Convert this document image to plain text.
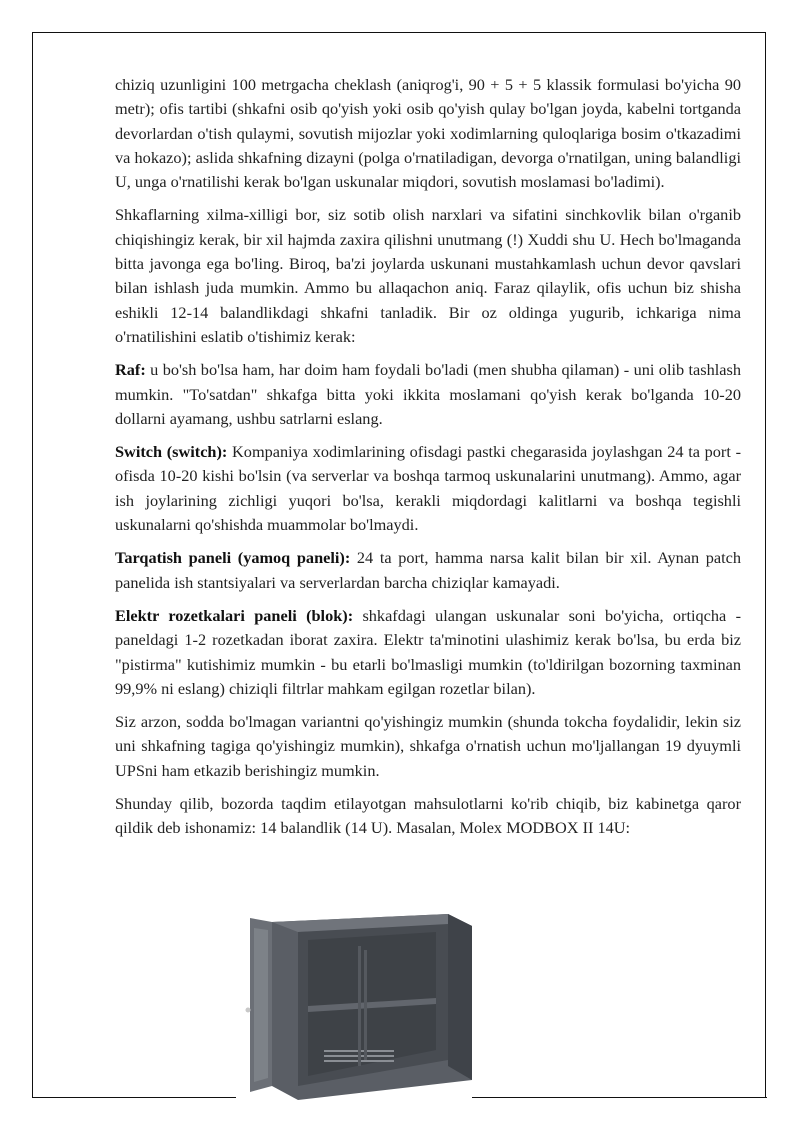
chiziq uzunligini 100 metrgacha cheklash (aniqrog'i, 90 + 5 + 5 klassik formulasi bo'yicha 90 metr); ofis tartibi (shkafni osib qo'yish yoki osib qo'yish qulay bo'lgan joyda, kabelni tortganda devorlardan o'tish qulaymi, sovutish mijozlar yoki xodimlarning quloqlariga bosim o'tkazadimi va hokazo); aslida shkafning dizayni (polga o'rnatiladigan, devorga o'rnatilgan, uning balandligi U, unga o'rnatilishi kerak bo'lgan uskunalar miqdori, sovutish moslamasi bo'ladimi).

Shkaflarning xilma-xilligi bor, siz sotib olish narxlari va sifatini sinchkovlik bilan o'rganib chiqishingiz kerak, bir xil hajmda zaxira qilishni unutmang (!) Xuddi shu U. Hech bo'lmaganda bitta javonga ega bo'ling. Biroq, ba'zi joylarda uskunani mustahkamlash uchun devor qavslari bilan ishlash juda mumkin. Ammo bu allaqachon aniq. Faraz qilaylik, ofis uchun biz shisha eshikli 12-14 balandlikdagi shkafni tanladik. Bir oz oldinga yugurib, ichkariga nima o'rnatilishini eslatib o'tishimiz kerak:

Raf: u bo'sh bo'lsa ham, har doim ham foydali bo'ladi (men shubha qilaman) - uni olib tashlash mumkin. "To'satdan" shkafga bitta yoki ikkita moslamani qo'yish kerak bo'lganda 10-20 dollarni ayamang, ushbu satrlarni eslang.

Switch (switch): Kompaniya xodimlarining ofisdagi pastki chegarasida joylashgan 24 ta port - ofisda 10-20 kishi bo'lsin (va serverlar va boshqa tarmoq uskunalarini unutmang). Ammo, agar ish joylarining zichligi yuqori bo'lsa, kerakli miqdordagi kalitlarni va boshqa tegishli uskunalarni qo'shishda muammolar bo'lmaydi.

Tarqatish paneli (yamoq paneli): 24 ta port, hamma narsa kalit bilan bir xil. Aynan patch panelida ish stantsiyalari va serverlardan barcha chiziqlar kamayadi.

Elektr rozetkalari paneli (blok): shkafdagi ulangan uskunalar soni bo'yicha, ortiqcha - paneldagi 1-2 rozetkadan iborat zaxira. Elektr ta'minotini ulashimiz kerak bo'lsa, bu erda biz "pistirma" kutishimiz mumkin - bu etarli bo'lmasligi mumkin (to'ldirilgan bozorning taxminan 99,9% ni eslang) chiziqli filtrlar mahkam egilgan rozetlar bilan).

Siz arzon, sodda bo'lmagan variantni qo'yishingiz mumkin (shunda tokcha foydalidir, lekin siz uni shkafning tagiga qo'yishingiz mumkin), shkafga o'rnatish uchun mo'ljallangan 19 dyuymli UPSni ham etkazib berishingiz mumkin.

Shunday qilib, bozorda taqdim etilayotgan mahsulotlarni ko'rib chiqib, biz kabinetga qaror qildik deb ishonamiz: 14 balandlik (14 U). Masalan, Molex MODBOX II 14U:
